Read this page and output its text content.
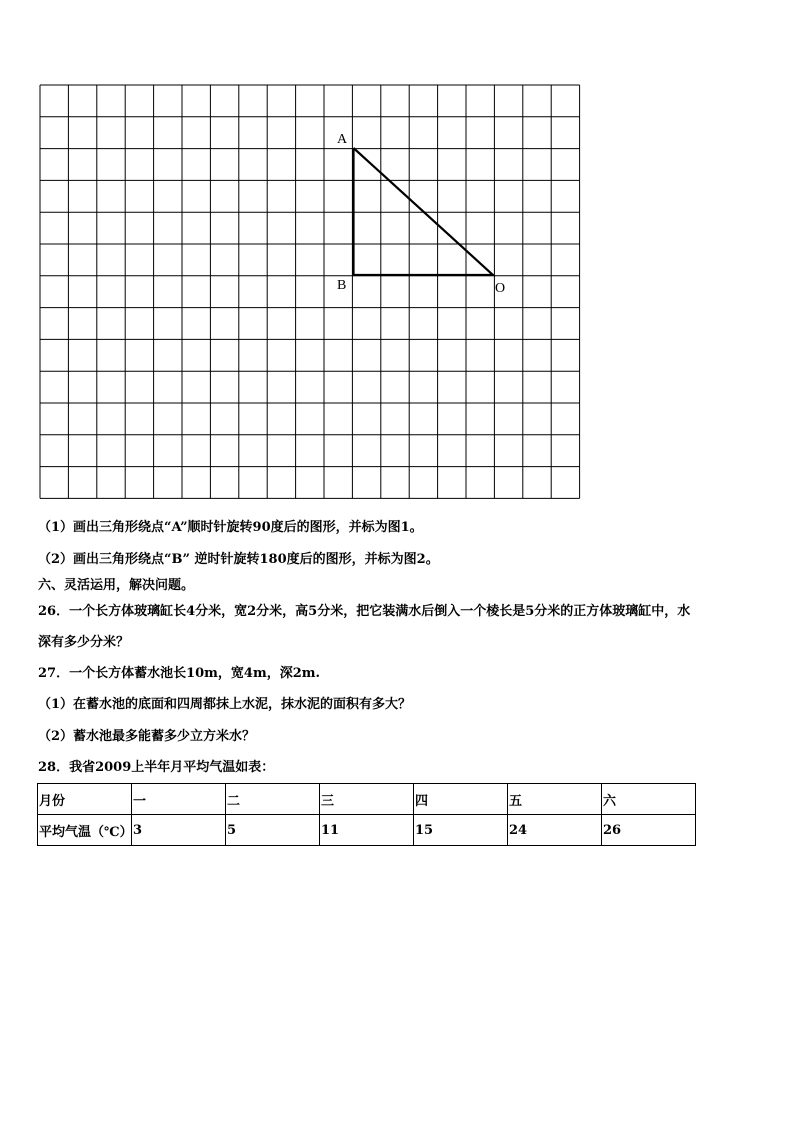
A
B	O
（1）画出三角形绕点“A”顺时针旋转90度后的图形，并标为图1。
（2）画出三角形绕点“B” 逆时针旋转180度后的图形，并标为图2。
六、灵活运用，解决问题。
26．一个长方体玻璃缸长4分米，宽2分米，高5分米，把它装满水后倒入一个棱长是5分米的正方体玻璃缸中，水
深有多少分米？
27．一个长方体蓄水池长10m，宽4m，深2m.
（1）在蓄水池的底面和四周都抹上水泥，抹水泥的面积有多大？
（2）蓄水池最多能蓄多少立方米水？
28．我省2009上半年月平均气温如表：
月份	一	二	三	四	五	六
平均气温（℃）	3	5	11	15	24	26
